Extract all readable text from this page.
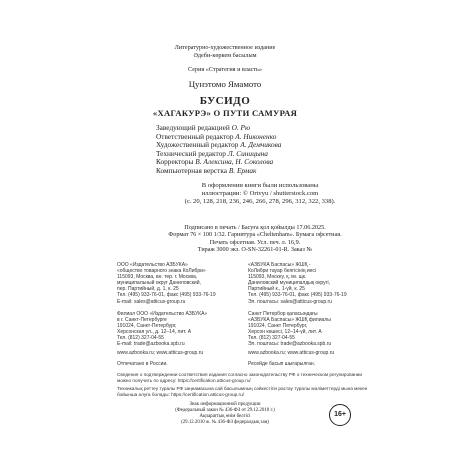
Литературно-художественное издание
Әдеби-көркем басылым
Серия «Стратегия и власть»
Цунэтомо Ямамото
БУСИДО
«ХАГАКУРЭ» О ПУТИ САМУРАЯ
Заведующий редакцией О. Рю
Ответственный редактор А. Никоненко
Художественный редактор А. Демчикова
Технический редактор Л. Синицына
Корректоры В. Алексина, Н. Соколова
Компьютерная верстка В. Ермак
В оформлении книги были использованы
иллюстрации: © Ortvyu / shutterstock.com
(с. 20, 128, 218, 236, 246, 266, 278, 296, 312, 322, 338).
Подписано в печать / Басуға қол қойылды 17.06.2025.
Формат 76 × 100 1/32. Гарнитура «Cheltenham». Бумага офсетная.
Печать офсетная. Усл. печ. л. 16,9.
Тираж 3000 экз. O-SN-32261-01-R. Заказ №
ООО «Издательство АЗБУКА»
«общество товарного знака КоЛибри»
115093, Москва, вн. тер. г. Москва,
муниципальный округ Даниловский,
пер. Партийный, д. 1, к. 25
Тел. (495) 933-76-01, факс (495) 933-76-19
E-mail: sales@atticus-group.ru
«АЗБУКА Баспасы» ЖШҚ -
КоЛибри тауар белгісінің иесі
115093, Мәскеу, қ. ім. щк.
Даниловский муниципалдық округі,
Партийный к., 1-үй, к. 25
Тел. (495) 933-76-01, факс (495) 933-76-19
Эл. поштасы: sales@atticus-group.ru
Филиал ООО «Издательство АЗБУКА»
в г. Санкт-Петербурге
191024, Санкт-Петербург,
Херсонская ул., д. 12–14, лит. А
Тел. (812) 327-04-55
E-mail: trade@azbooka.spb.ru
Санкт Петербор қаласындағы
«АЗБУКА Баспасы» ЖШҚ филиалы
191024, Санкт Петербург,
Херсон көшесі, 12–14-үй, лит. А
Тел. (812) 327-04-55
Эл. поштасы: trade@azbooka.spb.ru
www.azbooka.ru; www.atticus-group.ru	www.azbooka.ru; www.atticus-group.ru
Отпечатано в России.	Ресейде басып шығарылған.
Сведения о подтверждении соответствия издания согласно законодательству РФ о техническом регулировании можно получить по адресу: https://certification.atticus-group.ru/
Техникалық реттеу туралы РФ заңнамасына сай басылымның сәйкестігін растау туралы мәліметтерді мына мекен бойынша алуға болады: https://certification.atticus-group.ru/
Знак информационной продукции
(Федеральный закон № 436-ФЗ от 29.12.2010 г.)
Ақпараттық өнім белгісі
(29.12.2010 ж. № 436-ФЗ федералдық заң)
16+
